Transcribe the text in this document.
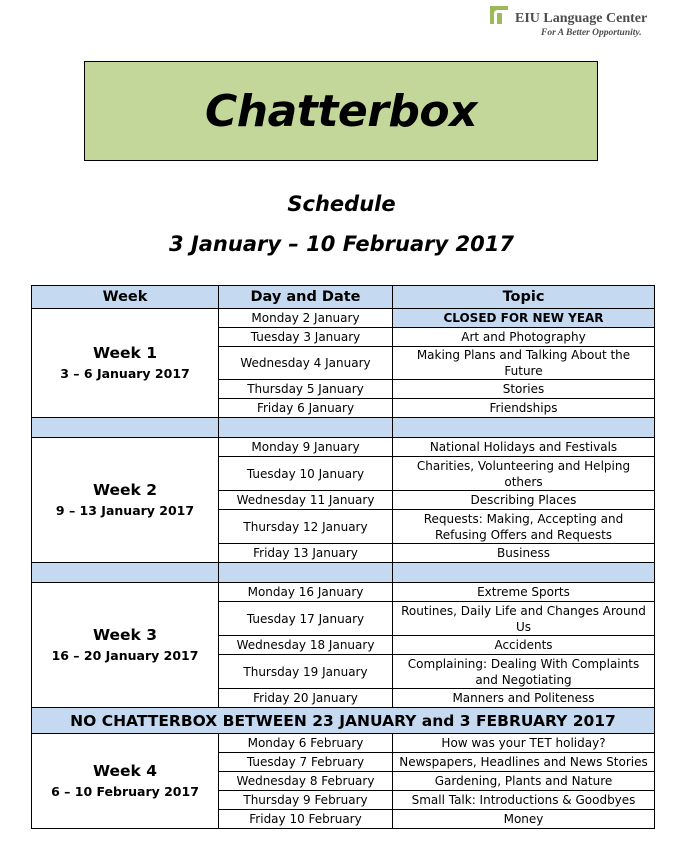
EIU Language Center
For A Better Opportunity.
Chatterbox
Schedule
3 January – 10 February 2017
Week	Day and Date	Topic

Week 1
3 – 6 January 2017	Monday 2 January	CLOSED FOR NEW YEAR
	Tuesday 3 January	Art and Photography
	Wednesday 4 January	Making Plans and Talking About the Future
	Thursday 5 January	Stories
	Friday 6 January	Friendships

Week 2
9 – 13 January 2017	Monday 9 January	National Holidays and Festivals
	Tuesday 10 January	Charities, Volunteering and Helping others
	Wednesday 11 January	Describing Places
	Thursday 12 January	Requests: Making, Accepting and Refusing Offers and Requests
	Friday 13 January	Business

Week 3
16 – 20 January 2017	Monday 16 January	Extreme Sports
	Tuesday 17 January	Routines, Daily Life and Changes Around Us
	Wednesday 18 January	Accidents
	Thursday 19 January	Complaining: Dealing With Complaints and Negotiating
	Friday 20 January	Manners and Politeness
NO CHATTERBOX BETWEEN 23 JANUARY and 3 FEBRUARY 2017		

Week 4
6 – 10 February 2017	Monday 6 February	How was your TET holiday?
	Tuesday 7 February	Newspapers, Headlines and News Stories
	Wednesday 8 February	Gardening, Plants and Nature
	Thursday 9 February	Small Talk: Introductions & Goodbyes
	Friday 10 February	Money
